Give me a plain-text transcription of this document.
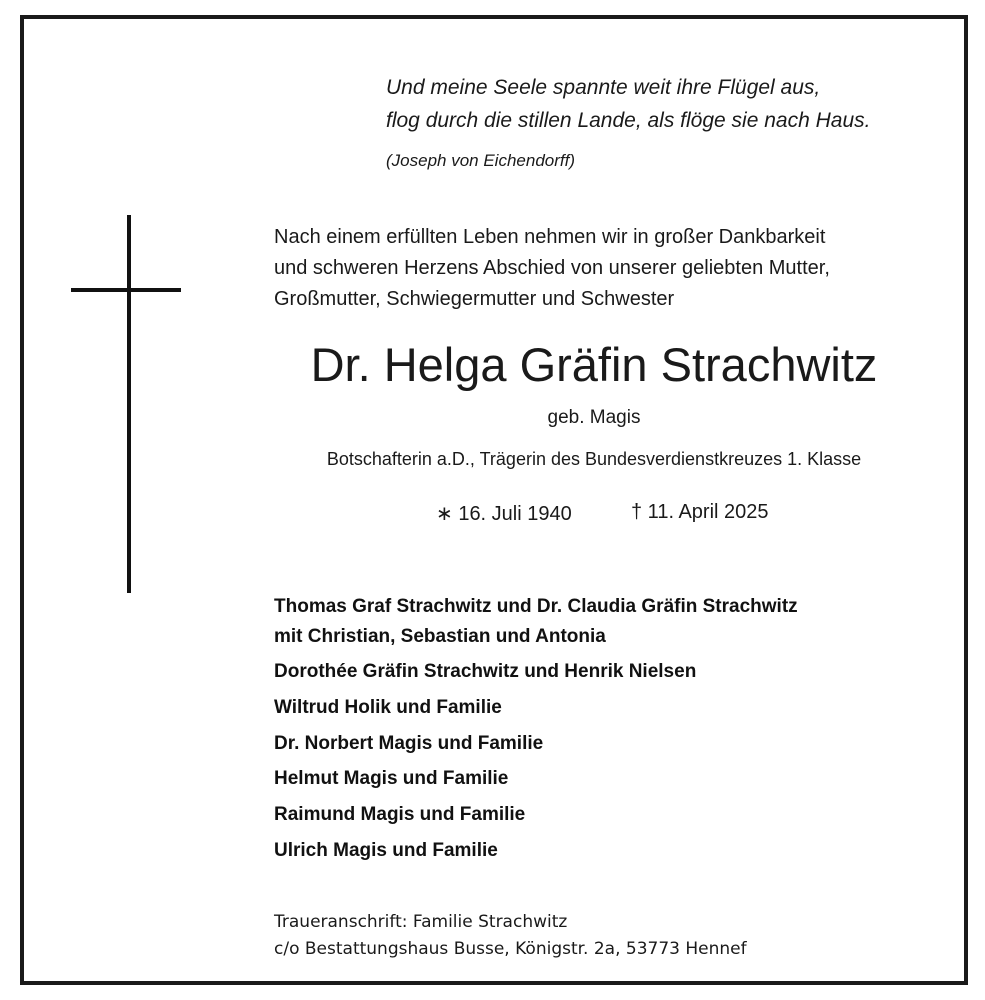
Und meine Seele spannte weit ihre Flügel aus,
flog durch die stillen Lande, als flöge sie nach Haus.
(Joseph von Eichendorff)
Nach einem erfüllten Leben nehmen wir in großer Dankbarkeit
und schweren Herzens Abschied von unserer geliebten Mutter,
Großmutter, Schwiegermutter und Schwester
Dr. Helga Gräfin Strachwitz
geb. Magis
Botschafterin a.D., Trägerin des Bundesverdienstkreuzes 1. Klasse
∗ 16. Juli 1940	† 11. April 2025
Thomas Graf Strachwitz und Dr. Claudia Gräfin Strachwitz
mit Christian, Sebastian und Antonia
Dorothée Gräfin Strachwitz und Henrik Nielsen
Wiltrud Holik und Familie
Dr. Norbert Magis und Familie
Helmut Magis und Familie
Raimund Magis und Familie
Ulrich Magis und Familie
Traueranschrift: Familie Strachwitz
c/o Bestattungshaus Busse, Königstr. 2a, 53773 Hennef
